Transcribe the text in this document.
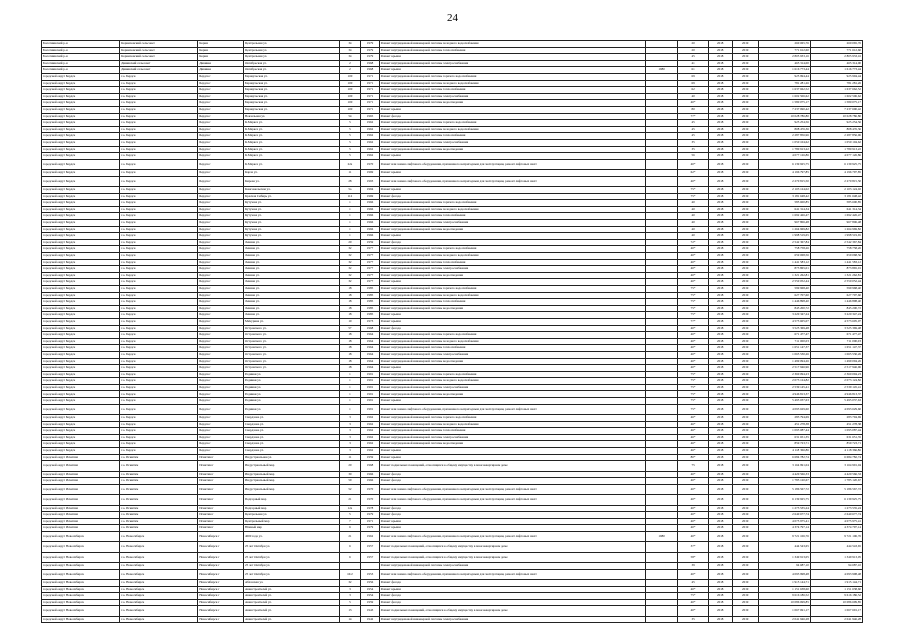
24
Болотнинский р-н	Корниловский сельсовет	Корни	Центральная ул.	34	1979	Ремонт внутридомовой инженерной системы холодного водоснабжения		20	2018	2019	260 065,76	260 065,76
Болотнинский р-н	Корниловский сельсовет	Корни	Центральная ул.	34	1979	Ремонт внутридомовой инженерной системы теплоснабжения		20	2018	2019	771 612,60	771 612,60
Болотнинский р-н	Корниловский сельсовет	Корни	Центральная ул.	34	1979	Ремонт крыши		45	2018	2019	2 805 933,16	2 805 933,16
Болотнинский р-н	Дивинский сельсовет	Дивинка	Октябрьская ул.	2	1968	Ремонт внутридомовой инженерной системы электроснабжения		41	2018	2019	465 314,00	465 314,00
Болотнинский р-н	Дивинский сельсовет	Дивинка	Октябрьская ул.	2	1968	Ремонт крыши	1980	61	2018	2019	1 616 773,44	1 616 773,44
городской округ Бердск	г.о. Бердск	Бердск г	Барнаульская ул.	100	1971	Ремонт внутридомовой инженерной системы горячего водоснабжения		69	2018	2019	925 994,44	925 994,44
городской округ Бердск	г.о. Бердск	Бердск г	Барнаульская ул.	100	1971	Ремонт внутридомовой инженерной системы холодного водоснабжения		69	2018	2019	781 281,26	781 281,26
городской округ Бердск	г.о. Бердск	Бердск г	Барнаульская ул.	100	1971	Ремонт внутридомовой инженерной системы теплоснабжения		62	2018	2019	1 637 662,52	1 637 662,52
городской округ Бердск	г.о. Бердск	Бердск г	Барнаульская ул.	100	1971	Ремонт внутридомовой инженерной системы электроснабжения		40	2018	2019	1 602 506,62	1 602 506,62
городской округ Бердск	г.о. Бердск	Бердск г	Барнаульская ул.	100	1971	Ремонт внутридомовой инженерной системы водоотведения		40*	2018	2019	1 580 075,17	1 580 075,17
городской округ Бердск	г.о. Бердск	Бердск г	Барнаульская ул.	100	1971	Ремонт крыши		80	2018	2019	7 237 690,42	7 237 690,42
городской округ Бердск	г.о. Бердск	Бердск г	Вокзальная ул.	54	1965	Ремонт фасада		77*	2018	2019	10 028 786,80	10 028 786,80
городской округ Бердск	г.о. Бердск	Бердск г	К.Маркса ул.	5	1962	Ремонт внутридомовой инженерной системы горячего водоснабжения		45	2018	2019	925 254,56	925 254,56
городской округ Бердск	г.о. Бердск	Бердск г	К.Маркса ул.	5	1962	Ремонт внутридомовой инженерной системы холодного водоснабжения		45	2018	2019	808 476,36	808 476,36
городской округ Бердск	г.о. Бердск	Бердск г	К.Маркса ул.	5	1962	Ремонт внутридомовой инженерной системы теплоснабжения		45	2018	2019	2 287 856,96	2 287 856,96
городской округ Бердск	г.о. Бердск	Бердск г	К.Маркса ул.	5	1962	Ремонт внутридомовой инженерной системы электроснабжения		35	2018	2019	1 050 104,62	1 050 104,62
городской округ Бердск	г.о. Бердск	Бердск г	К.Маркса ул.	5	1962	Ремонт внутридомовой инженерной системы водоотведения		35	2018	2019	1 780 913,22	1 780 913,22
городской округ Бердск	г.о. Бердск	Бердск г	К.Маркса ул.	5	1962	Ремонт крыши		56	2018	2019	4 077 126,86	4 077 126,86
городской округ Бердск	г.о. Бердск	Бердск г	К.Маркса ул.	22а	1970	Ремонт или замена лифтового оборудования, признанного непригодным для эксплуатации, ремонт лифтовых шахт		40*	2018	2019	6 139 925,75	6 139 925,75
городской округ Бердск	г.о. Бердск	Бердск г	Карла ул.	11	1969	Ремонт крыши		62*	2018	2019	4 196 797,85	4 196 797,85
городской округ Бердск	г.о. Бердск	Бердск г	Кирова ул.	28	1993	Ремонт или замена лифтового оборудования, признанного непригодным для эксплуатации, ремонт лифтовых шахт		40*	2018	2019	2 270 815,50	2 270 815,50
городской округ Бердск	г.о. Бердск	Бердск г	Комсомольская ул.	5а	1994	Ремонт крыши		75*	2018	2019	2 103 124,02	2 103 124,02
городской округ Бердск	г.о. Бердск	Бердск г	Красная Сибирь ул.	112	1969	Ремонт фасада		75*	2018	2019	3 181 648,42	3 181 648,42
городской округ Бердск	г.о. Бердск	Бердск г	Кутузова ул.	1	1966	Ремонт внутридомовой инженерной системы горячего водоснабжения		40	2018	2019	585 600,85	585 600,85
городской округ Бердск	г.о. Бердск	Бердск г	Кутузова ул.	1	1966	Ремонт внутридомовой инженерной системы холодного водоснабжения		40	2018	2019	641 314,34	641 314,34
городской округ Бердск	г.о. Бердск	Бердск г	Кутузова ул.	1	1966	Ремонт внутридомовой инженерной системы теплоснабжения		40	2018	2019	1 692 426,47	1 692 426,47
городской округ Бердск	г.о. Бердск	Бердск г	Кутузова ул.	1	1966	Ремонт внутридомовой инженерной системы электроснабжения		40	2018	2019	967 806,48	967 806,48
городской округ Бердск	г.о. Бердск	Бердск г	Кутузова ул.	1	1966	Ремонт внутридомовой инженерной системы водоотведения		40	2018	2019	1 264 969,82	1 264 969,82
городской округ Бердск	г.о. Бердск	Бердск г	Кутузова ул.	1	1966	Ремонт крыши		40	2018	2019	1 998 519,65	1 998 519,65
городской округ Бердск	г.о. Бердск	Бердск г	Ленина ул.	20	1959	Ремонт фасада		72*	2018	2019	2 542 367,84	2 542 367,84
городской округ Бердск	г.о. Бердск	Бердск г	Ленина ул.	32	1977	Ремонт внутридомовой инженерной системы горячего водоснабжения		40*	2018	2019	758 758,26	758 758,26
городской округ Бердск	г.о. Бердск	Бердск г	Ленина ул.	32	1977	Ремонт внутридомовой инженерной системы холодного водоснабжения		40*	2018	2019	659 068,56	659 068,56
городской округ Бердск	г.о. Бердск	Бердск г	Ленина ул.	32	1977	Ремонт внутридомовой инженерной системы теплоснабжения		40*	2018	2019	1 441 583,12	1 441 583,12
городской округ Бердск	г.о. Бердск	Бердск г	Ленина ул.	32	1977	Ремонт внутридомовой инженерной системы электроснабжения		40*	2018	2019	873 865,01	873 865,01
городской округ Бердск	г.о. Бердск	Бердск г	Ленина ул.	32	1977	Ремонт внутридомовой инженерной системы водоотведения		40*	2018	2019	1 321 262,81	1 321 262,81
городской округ Бердск	г.о. Бердск	Бердск г	Ленина ул.	32	1977	Ремонт крыши		40*	2018	2019	2 550 052,44	2 550 052,44
городской округ Бердск	г.о. Бердск	Бердск г	Ленина ул.	18	1985	Ремонт внутридомовой инженерной системы горячего водоснабжения		75*	2018	2019	599 968,40	599 968,40
городской округ Бердск	г.о. Бердск	Бердск г	Ленина ул.	18	1985	Ремонт внутридомовой инженерной системы холодного водоснабжения		75*	2018	2019	627 707,60	627 707,60
городской округ Бердск	г.о. Бердск	Бердск г	Ленина ул.	18	1985	Ремонт внутридомовой инженерной системы теплоснабжения		75*	2018	2019	1 446 898,40	1 446 898,40
городской округ Бердск	г.о. Бердск	Бердск г	Ленина ул.	18	1985	Ремонт внутридомовой инженерной системы водоотведения		75*	2018	2019	845 200,72	845 200,72
городской округ Бердск	г.о. Бердск	Бердск г	Ленина ул.	18	1985	Ремонт крыши		75*	2018	2019	3 220 347,24	3 220 347,24
городской округ Бердск	г.о. Бердск	Бердск г	Мичурина ул.	10	1973	Ремонт крыши		77*	2018	2019	4 573 605,07	4 573 605,07
городской округ Бердск	г.о. Бердск	Бердск г	Островского ул.	57	1968	Ремонт фасада		40*	2018	2019	3 525 369,48	3 525 369,48
городской округ Бердск	г.о. Бердск	Бердск г	Островского ул.	18	1964	Ремонт внутридомовой инженерной системы горячего водоснабжения		40*	2018	2019	671 477,47	671 477,47
городской округ Бердск	г.о. Бердск	Бердск г	Островского ул.	18	1964	Ремонт внутридомовой инженерной системы холодного водоснабжения		40*	2018	2019	711 000,03	711 000,03
городской округ Бердск	г.о. Бердск	Бердск г	Островского ул.	18	1964	Ремонт внутридомовой инженерной системы теплоснабжения		40*	2018	2019	1 651 147,37	1 651 147,37
городской округ Бердск	г.о. Бердск	Бердск г	Островского ул.	18	1964	Ремонт внутридомовой инженерной системы электроснабжения		40*	2018	2019	1 065 530,26	1 065 530,26
городской округ Бердск	г.о. Бердск	Бердск г	Островского ул.	18	1964	Ремонт внутридомовой инженерной системы водоотведения		40*	2018	2019	1 499 094,26	1 499 094,26
городской округ Бердск	г.о. Бердск	Бердск г	Островского ул.	18	1964	Ремонт крыши		40*	2018	2019	2 517 946,96	2 517 946,96
городской округ Бердск	г.о. Бердск	Бердск г	Родники ул.	1	1991	Ремонт внутридомовой инженерной системы горячего водоснабжения		75*	2018	2019	2 360 094,23	2 360 094,23
городской округ Бердск	г.о. Бердск	Бердск г	Родники ул.	1	1991	Ремонт внутридомовой инженерной системы холодного водоснабжения		75*	2018	2019	2 073 124,82	2 073 124,82
городской округ Бердск	г.о. Бердск	Бердск г	Родники ул.	1	1991	Ремонт внутридомовой инженерной системы электроснабжения		75*	2018	2019	2 539 145,41	2 539 145,41
городской округ Бердск	г.о. Бердск	Бердск г	Родники ул.	1	1991	Ремонт внутридомовой инженерной системы водоотведения		75*	2018	2019	4 946 813,37	4 946 813,37
городской округ Бердск	г.о. Бердск	Бердск г	Родники ул.	1	1991	Ремонт крыши		75*	2018	2019	5 495 037,63	5 495 037,63
городской округ Бердск	г.о. Бердск	Бердск г	Родники ул.	1	1991	Ремонт или замена лифтового оборудования, признанного непригодным для эксплуатации, ремонт лифтовых шахт		75*	2018	2019	4 093 629,60	4 093 629,60
городской округ Бердск	г.о. Бердск	Бердск г	Свердлова ул.	3	1962	Ремонт внутридомовой инженерной системы горячего водоснабжения		46*	2018	2019	283 794,69	283 794,69
городской округ Бердск	г.о. Бердск	Бердск г	Свердлова ул.	3	1962	Ремонт внутридомовой инженерной системы холодного водоснабжения		46*	2018	2019	451 278,38	451 278,38
городской округ Бердск	г.о. Бердск	Бердск г	Свердлова ул.	3	1962	Ремонт внутридомовой инженерной системы теплоснабжения		46*	2018	2019	1 095 087,44	1 095 087,44
городской округ Бердск	г.о. Бердск	Бердск г	Свердлова ул.	3	1962	Ремонт внутридомовой инженерной системы электроснабжения		46*	2018	2019	631 651,35	631 651,35
городской округ Бердск	г.о. Бердск	Бердск г	Свердлова ул.	3	1962	Ремонт внутридомовой инженерной системы водоотведения		46*	2018	2019	859 723,71	859 723,71
городской округ Бердск	г.о. Бердск	Бердск г	Свердлова ул.	3	1962	Ремонт крыши		46*	2018	2019	4 118 366,86	4 118 366,86
городской округ Искитим	г.о. Искитим	Искитим г	Индустриальная ул.	11	1959	Ремонт крыши		80*	2018	2019	6 684 782,74	6 684 782,74
городской округ Искитим	г.о. Искитим	Искитим г	Индустриальный мкр	20	1968	Ремонт подвальных помещений, относящихся к общему имуществу в многоквартирном доме		75	2018	2019	3 164 991,04	3 164 991,04
городской округ Искитим	г.о. Искитим	Искитим г	Индустриальный мкр	30	1966	Ремонт фасада		40*	2018	2019	4 420 566,33	4 420 566,33
городской округ Искитим	г.о. Искитим	Искитим г	Индустриальный мкр	59	1966	Ремонт фасада		40*	2018	2019	1 785 120,67	1 785 120,67
городской округ Искитим	г.о. Искитим	Искитим г	Индустриальный мкр	52	1970	Ремонт или замена лифтового оборудования, признанного непригодным для эксплуатации, ремонт лифтовых шахт		40*	2018	2019	5 186 567,72	5 186 567,72
городской округ Искитим	г.о. Искитим	Искитим г	Подгорный мкр	21	1970	Ремонт или замена лифтового оборудования, признанного непригодным для эксплуатации, ремонт лифтовых шахт		40*	2018	2019	6 139 925,75	6 139 925,75
городской округ Искитим	г.о. Искитим	Искитим г	Подгорный мкр	12а	1978	Ремонт фасада		40*	2018	2019	1 273 535,24	1 273 535,24
городской округ Искитим	г.о. Искитим	Искитим г	Центральная ул.	5	1979	Ремонт фасада		40*	2018	2019	2 640 677,74	2 640 677,74
городской округ Искитим	г.о. Искитим	Искитим г	Центральный мкр	7	1971	Ремонт крыши		40*	2018	2019	4 075 975,41	4 075 975,41
городской округ Искитим	г.о. Искитим	Искитим г	Южный мкр	6	1979	Ремонт крыши		40*	2018	2019	4 374 797,14	4 374 797,14
городской округ Новосибирск	г.о. Новосибирск	Новосибирск г	4000 года ул.	21	1962	Ремонт или замена лифтового оборудования, признанного непригодным для эксплуатации, ремонт лифтовых шахт	1980	40*	2018	2019	9 721 106,76	9 721 106,76
городской округ Новосибирск	г.о. Новосибирск	Новосибирск г	25 лет Октября ул.	6	1957	Ремонт подвальных помещений, относящихся к общему имуществу в многоквартирном доме		37*	2018	2019	444 543,65	444 543,65
городской округ Новосибирск	г.о. Новосибирск	Новосибирск г	25 лет Октября ул.	6	1957	Ремонт подвальных помещений, относящихся к общему имуществу в многоквартирном доме		58*	2018	2019	1 349 913,05	1 349 913,05
городской округ Новосибирск	г.о. Новосибирск	Новосибирск г	25 лет Октября ул.			Ремонт внутридомовой инженерной системы электроснабжения		39	2018	2019	94 687,10	94 687,10
городской округ Новосибирск	г.о. Новосибирск	Новосибирск г	25 лет Октября ул.	16/2	1953	Ремонт или замена лифтового оборудования, признанного непригодным для эксплуатации, ремонт лифтовых шахт		40*	2018	2019	4 093 998,48	4 093 998,48
городской округ Новосибирск	г.о. Новосибирск	Новосибирск г	Абхазская ул.	32	1956	Ремонт фасада		45	2018	2019	1 915 144,71	1 915 144,71
городской округ Новосибирск	г.о. Новосибирск	Новосибирск г	Авиастроителей ул.	3	1954	Ремонт крыши		40*	2018	2019	1 151 638,60	1 151 638,60
городской округ Новосибирск	г.о. Новосибирск	Новосибирск г	Авиастроителей ул.	3	1954	Ремонт фасада		75*	2018	2019	9 616 186,52	9 616 186,52
городской округ Новосибирск	г.о. Новосибирск	Новосибирск г	Авиастроителей ул.	5	1959	Ремонт фасада		40*	2018	2019	10 086 699,85	10 086 699,85
городской округ Новосибирск	г.о. Новосибирск	Новосибирск г	Авиастроителей ул.	13	1943	Ремонт подвальных помещений, относящихся к общему имуществу в многоквартирном доме		40*	2018	2019	1 067 691,17	1 067 691,17
городской округ Новосибирск	г.о. Новосибирск	Новосибирск г	Авиастроителей ул.	14	1942	Ремонт внутридомовой инженерной системы электроснабжения		35	2018	2019	2 041 946,28	2 041 946,28
